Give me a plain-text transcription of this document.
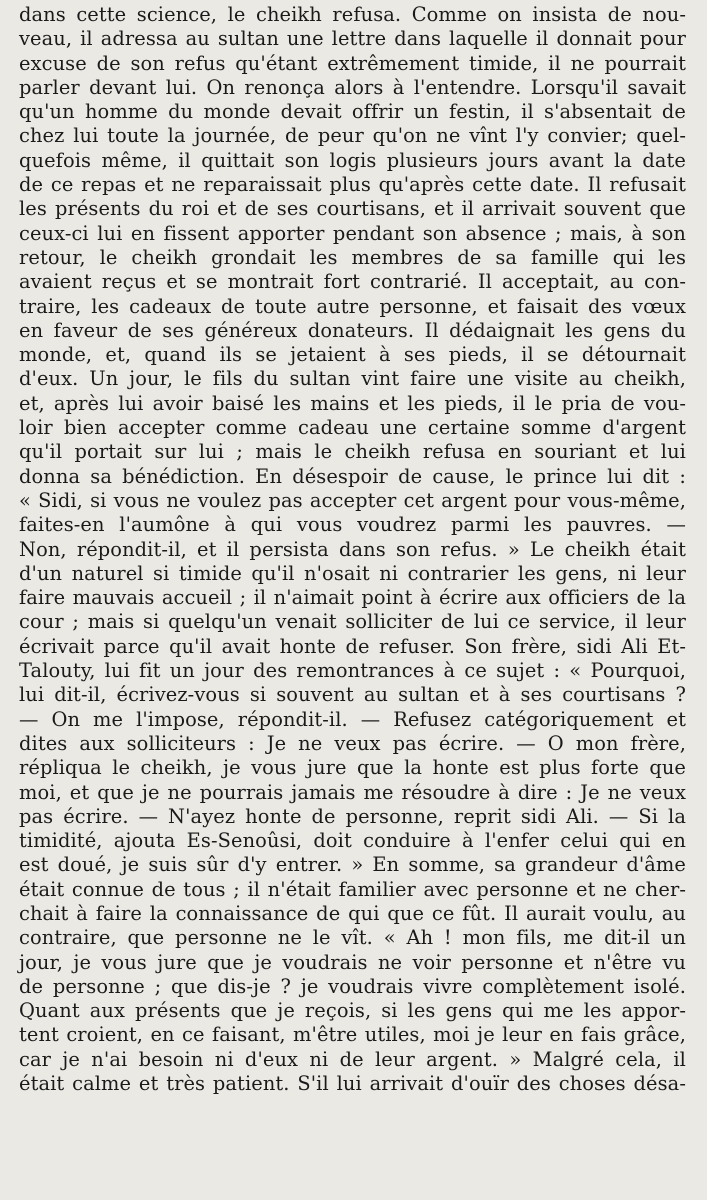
dans cette science, le cheikh refusa. Comme on insista de nou-
veau, il adressa au sultan une lettre dans laquelle il donnait pour
excuse de son refus qu'étant extrêmement timide, il ne pourrait
parler devant lui. On renonça alors à l'entendre. Lorsqu'il savait
qu'un homme du monde devait offrir un festin, il s'absentait de
chez lui toute la journée, de peur qu'on ne vînt l'y convier; quel-
quefois même, il quittait son logis plusieurs jours avant la date
de ce repas et ne reparaissait plus qu'après cette date. Il refusait
les présents du roi et de ses courtisans, et il arrivait souvent que
ceux-ci lui en fissent apporter pendant son absence ; mais, à son
retour, le cheikh grondait les membres de sa famille qui les
avaient reçus et se montrait fort contrarié. Il acceptait, au con-
traire, les cadeaux de toute autre personne, et faisait des vœux
en faveur de ses généreux donateurs. Il dédaignait les gens du
monde, et, quand ils se jetaient à ses pieds, il se détournait
d'eux. Un jour, le fils du sultan vint faire une visite au cheikh,
et, après lui avoir baisé les mains et les pieds, il le pria de vou-
loir bien accepter comme cadeau une certaine somme d'argent
qu'il portait sur lui ; mais le cheikh refusa en souriant et lui
donna sa bénédiction. En désespoir de cause, le prince lui dit :
« Sidi, si vous ne voulez pas accepter cet argent pour vous-même,
faites-en l'aumône à qui vous voudrez parmi les pauvres. —
Non, répondit-il, et il persista dans son refus. » Le cheikh était
d'un naturel si timide qu'il n'osait ni contrarier les gens, ni leur
faire mauvais accueil ; il n'aimait point à écrire aux officiers de la
cour ; mais si quelqu'un venait solliciter de lui ce service, il leur
écrivait parce qu'il avait honte de refuser. Son frère, sidi Ali Et-
Talouty, lui fit un jour des remontrances à ce sujet : « Pourquoi,
lui dit-il, écrivez-vous si souvent au sultan et à ses courtisans ?
— On me l'impose, répondit-il. — Refusez catégoriquement et
dites aux solliciteurs : Je ne veux pas écrire. — O mon frère,
répliqua le cheikh, je vous jure que la honte est plus forte que
moi, et que je ne pourrais jamais me résoudre à dire : Je ne veux
pas écrire. — N'ayez honte de personne, reprit sidi Ali. — Si la
timidité, ajouta Es-Senoûsi, doit conduire à l'enfer celui qui en
est doué, je suis sûr d'y entrer. » En somme, sa grandeur d'âme
était connue de tous ; il n'était familier avec personne et ne cher-
chait à faire la connaissance de qui que ce fût. Il aurait voulu, au
contraire, que personne ne le vît. « Ah ! mon fils, me dit-il un
jour, je vous jure que je voudrais ne voir personne et n'être vu
de personne ; que dis-je ? je voudrais vivre complètement isolé.
Quant aux présents que je reçois, si les gens qui me les appor-
tent croient, en ce faisant, m'être utiles, moi je leur en fais grâce,
car je n'ai besoin ni d'eux ni de leur argent. » Malgré cela, il
était calme et très patient. S'il lui arrivait d'ouïr des choses désa-
